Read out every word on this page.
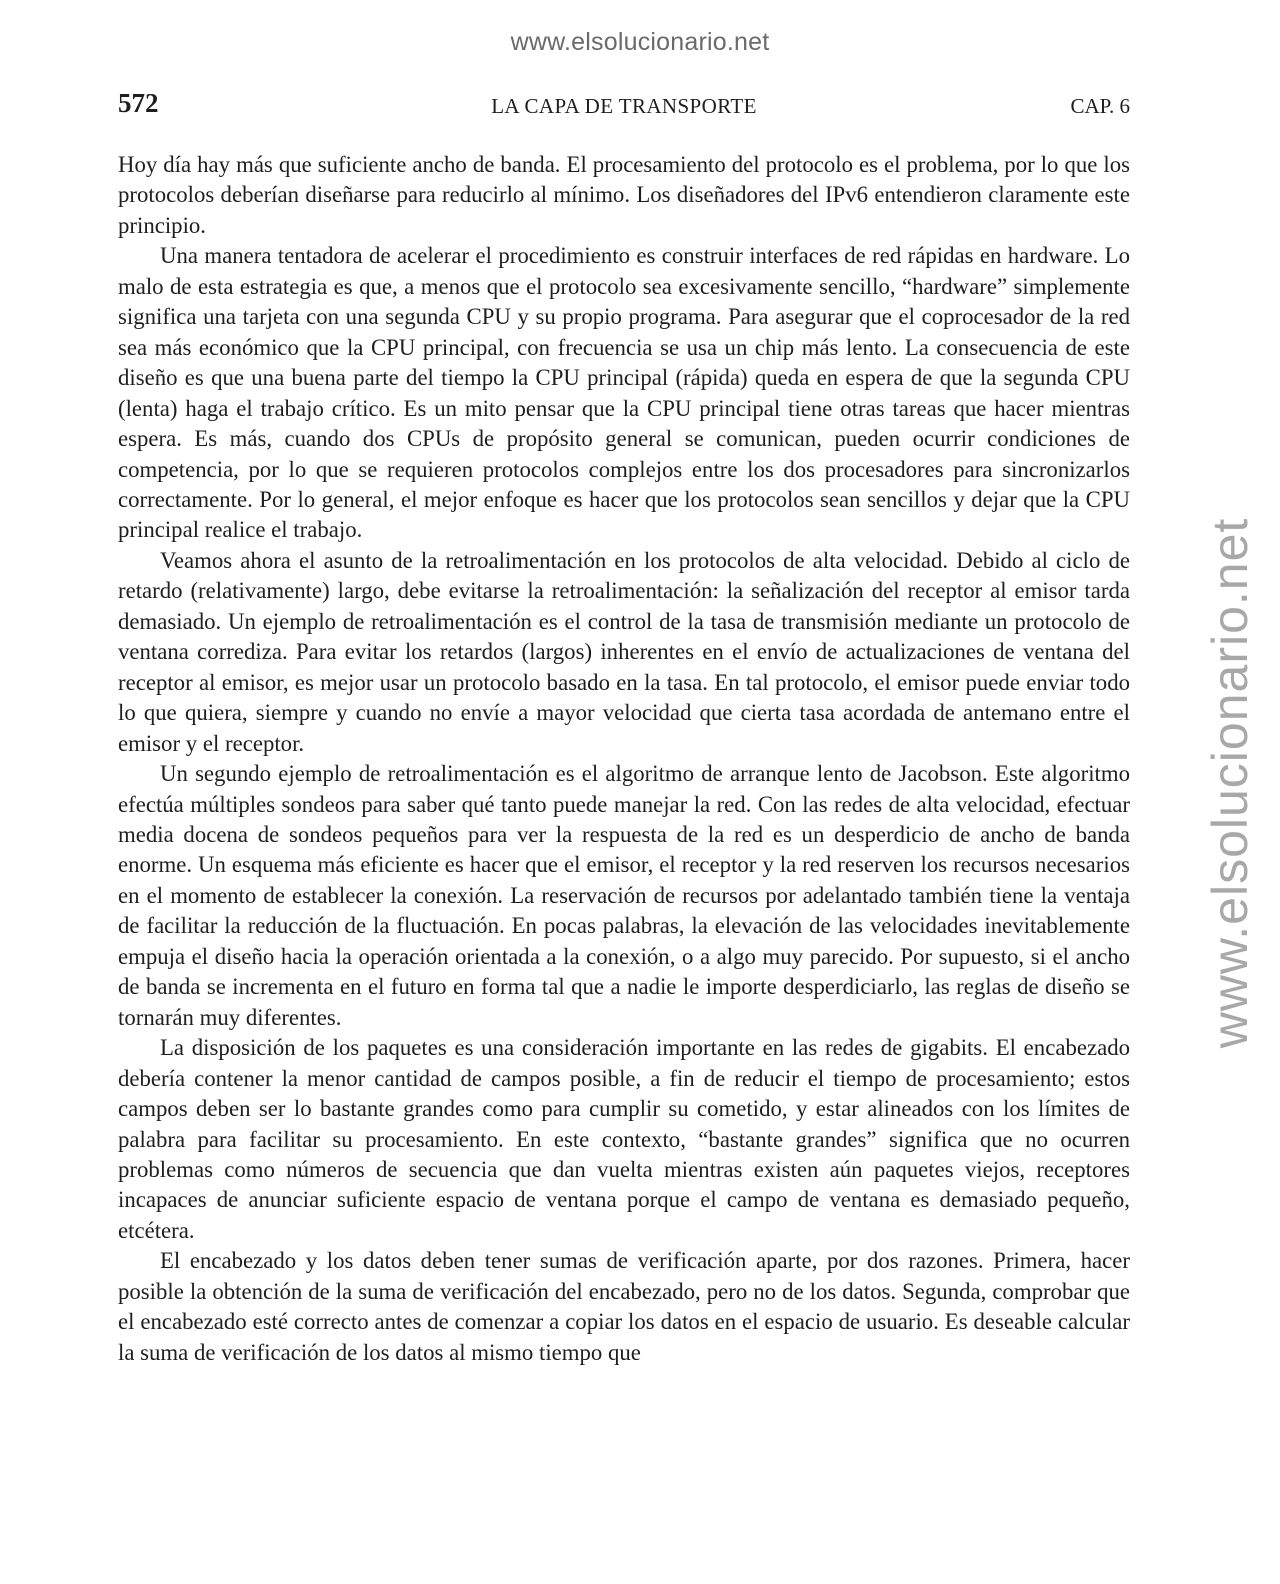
www.elsolucionario.net
www.elsolucionario.net
572	LA CAPA DE TRANSPORTE	CAP. 6

Hoy día hay más que suficiente ancho de banda. El procesamiento del protocolo es el problema, por lo que los protocolos deberían diseñarse para reducirlo al mínimo. Los diseñadores del IPv6 entendieron claramente este principio.

Una manera tentadora de acelerar el procedimiento es construir interfaces de red rápidas en hardware. Lo malo de esta estrategia es que, a menos que el protocolo sea excesivamente sencillo, “hardware” simplemente significa una tarjeta con una segunda CPU y su propio programa. Para asegurar que el coprocesador de la red sea más económico que la CPU principal, con frecuencia se usa un chip más lento. La consecuencia de este diseño es que una buena parte del tiempo la CPU principal (rápida) queda en espera de que la segunda CPU (lenta) haga el trabajo crítico. Es un mito pensar que la CPU principal tiene otras tareas que hacer mientras espera. Es más, cuando dos CPUs de propósito general se comunican, pueden ocurrir condiciones de competencia, por lo que se requieren protocolos complejos entre los dos procesadores para sincronizarlos correctamente. Por lo general, el mejor enfoque es hacer que los protocolos sean sencillos y dejar que la CPU principal realice el trabajo.

Veamos ahora el asunto de la retroalimentación en los protocolos de alta velocidad. Debido al ciclo de retardo (relativamente) largo, debe evitarse la retroalimentación: la señalización del receptor al emisor tarda demasiado. Un ejemplo de retroalimentación es el control de la tasa de transmisión mediante un protocolo de ventana corrediza. Para evitar los retardos (largos) inherentes en el envío de actualizaciones de ventana del receptor al emisor, es mejor usar un protocolo basado en la tasa. En tal protocolo, el emisor puede enviar todo lo que quiera, siempre y cuando no envíe a mayor velocidad que cierta tasa acordada de antemano entre el emisor y el receptor.

Un segundo ejemplo de retroalimentación es el algoritmo de arranque lento de Jacobson. Este algoritmo efectúa múltiples sondeos para saber qué tanto puede manejar la red. Con las redes de alta velocidad, efectuar media docena de sondeos pequeños para ver la respuesta de la red es un desperdicio de ancho de banda enorme. Un esquema más eficiente es hacer que el emisor, el receptor y la red reserven los recursos necesarios en el momento de establecer la conexión. La reservación de recursos por adelantado también tiene la ventaja de facilitar la reducción de la fluctuación. En pocas palabras, la elevación de las velocidades inevitablemente empuja el diseño hacia la operación orientada a la conexión, o a algo muy parecido. Por supuesto, si el ancho de banda se incrementa en el futuro en forma tal que a nadie le importe desperdiciarlo, las reglas de diseño se tornarán muy diferentes.

La disposición de los paquetes es una consideración importante en las redes de gigabits. El encabezado debería contener la menor cantidad de campos posible, a fin de reducir el tiempo de procesamiento; estos campos deben ser lo bastante grandes como para cumplir su cometido, y estar alineados con los límites de palabra para facilitar su procesamiento. En este contexto, “bastante grandes” significa que no ocurren problemas como números de secuencia que dan vuelta mientras existen aún paquetes viejos, receptores incapaces de anunciar suficiente espacio de ventana porque el campo de ventana es demasiado pequeño, etcétera.

El encabezado y los datos deben tener sumas de verificación aparte, por dos razones. Primera, hacer posible la obtención de la suma de verificación del encabezado, pero no de los datos. Segunda, comprobar que el encabezado esté correcto antes de comenzar a copiar los datos en el espacio de usuario. Es deseable calcular la suma de verificación de los datos al mismo tiempo que
